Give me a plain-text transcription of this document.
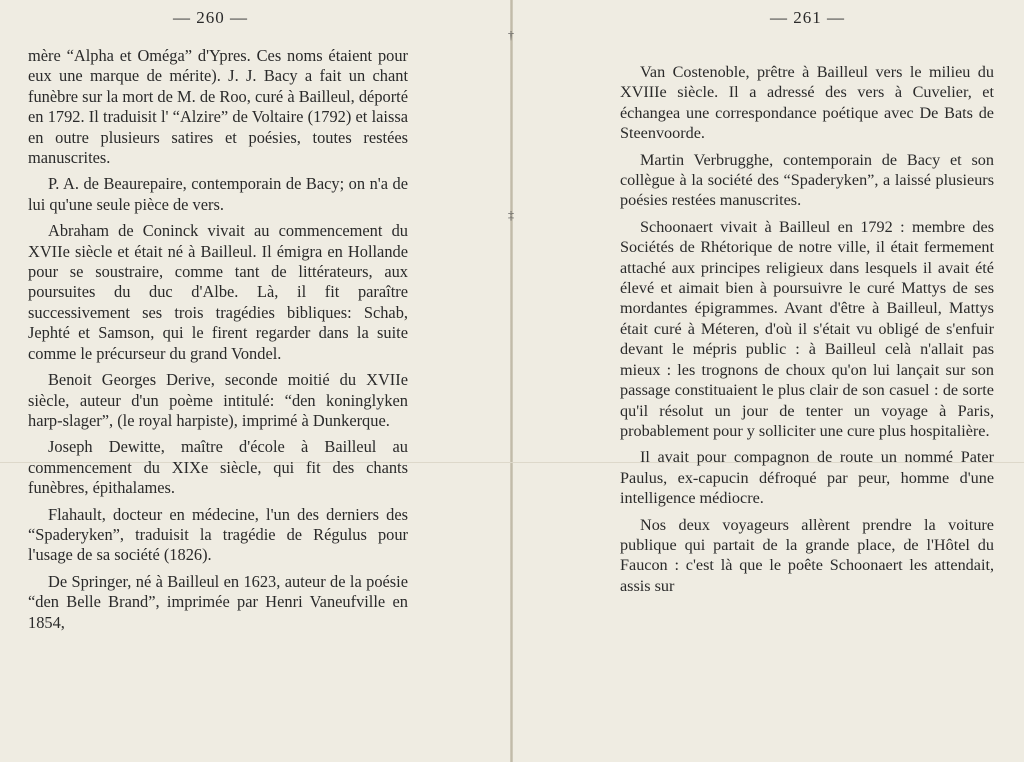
†
‡
— 260 —

mère “Alpha et Oméga” d'Ypres. Ces noms étaient pour eux une marque de mérite). J. J. Bacy a fait un chant funèbre sur la mort de M. de Roo, curé à Bailleul, déporté en 1792. Il traduisit l' “Alzire” de Voltaire (1792) et laissa en outre plusieurs satires et poésies, toutes restées manuscrites.

P. A. de Beaurepaire, contemporain de Bacy; on n'a de lui qu'une seule pièce de vers.

Abraham de Coninck vivait au commencement du XVIIe siècle et était né à Bailleul. Il émigra en Hollande pour se soustraire, comme tant de littérateurs, aux poursuites du duc d'Albe. Là, il fit paraître successivement ses trois tragédies bibliques: Schab, Jephté et Samson, qui le firent regarder dans la suite comme le précurseur du grand Vondel.

Benoit Georges Derive, seconde moitié du XVIIe siècle, auteur d'un poème intitulé: “den koninglyken harp-slager”, (le royal harpiste), imprimé à Dunkerque.

Joseph Dewitte, maître d'école à Bailleul au commencement du XIXe siècle, qui fit des chants funèbres, épithalames.

Flahault, docteur en médecine, l'un des derniers des “Spaderyken”, traduisit la tragédie de Régulus pour l'usage de sa société (1826).

De Springer, né à Bailleul en 1623, auteur de la poésie “den Belle Brand”, imprimée par Henri Vaneufville en 1854,

— 261 —

Van Costenoble, prêtre à Bailleul vers le milieu du XVIIIe siècle. Il a adressé des vers à Cuvelier, et échangea une correspondance poétique avec De Bats de Steenvoorde.

Martin Verbrugghe, contemporain de Bacy et son collègue à la société des “Spaderyken”, a laissé plusieurs poésies restées manuscrites.

Schoonaert vivait à Bailleul en 1792 : membre des Sociétés de Rhétorique de notre ville, il était fermement attaché aux principes religieux dans lesquels il avait été élevé et aimait bien à poursuivre le curé Mattys de ses mordantes épigrammes. Avant d'être à Bailleul, Mattys était curé à Méteren, d'où il s'était vu obligé de s'enfuir devant le mépris public : à Bailleul celà n'allait pas mieux : les trognons de choux qu'on lui lançait sur son passage constituaient le plus clair de son casuel : de sorte qu'il résolut un jour de tenter un voyage à Paris, probablement pour y solliciter une cure plus hospitalière.

Il avait pour compagnon de route un nommé Pater Paulus, ex-capucin défroqué par peur, homme d'une intelligence médiocre.

Nos deux voyageurs allèrent prendre la voiture publique qui partait de la grande place, de l'Hôtel du Faucon : c'est là que le poête Schoonaert les attendait, assis sur
